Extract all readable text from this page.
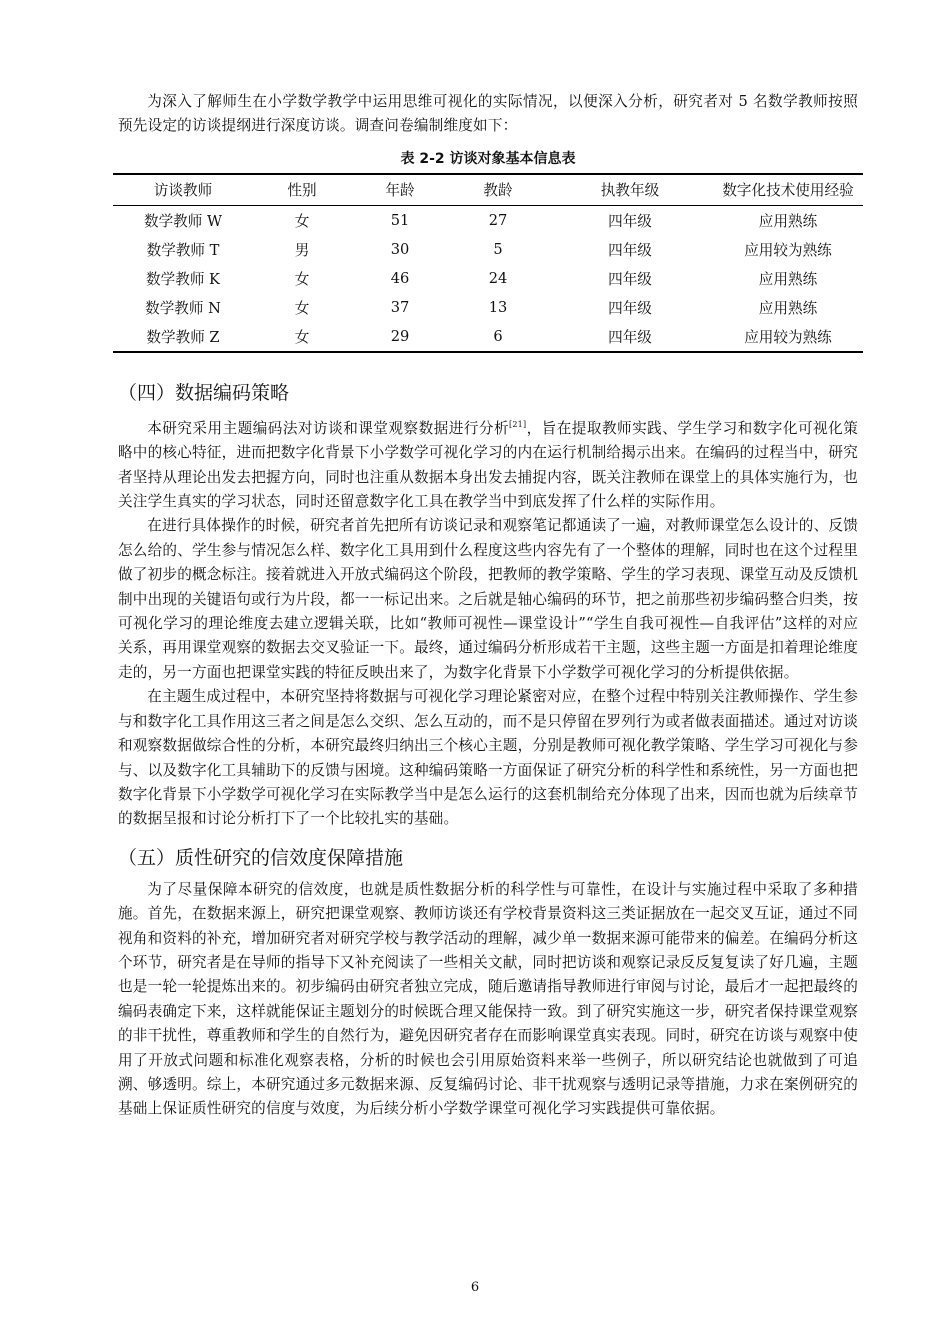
为深入了解师生在小学数学教学中运用思维可视化的实际情况，以便深入分析，研究者对 5 名数学教师按照预先设定的访谈提纲进行深度访谈。调查问卷编制维度如下：

表 2-2 访谈对象基本信息表
访谈教师	性别	年龄	教龄	执教年级	数字化技术使用经验
数学教师 W	女	51	27	四年级	应用熟练
数学教师 T	男	30	5	四年级	应用较为熟练
数学教师 K	女	46	24	四年级	应用熟练
数学教师 N	女	37	13	四年级	应用熟练
数学教师 Z	女	29	6	四年级	应用较为熟练
（四）数据编码策略

本研究采用主题编码法对访谈和课堂观察数据进行分析[21]，旨在提取教师实践、学生学习和数字化可视化策略中的核心特征，进而把数字化背景下小学数学可视化学习的内在运行机制给揭示出来。在编码的过程当中，研究者坚持从理论出发去把握方向，同时也注重从数据本身出发去捕捉内容，既关注教师在课堂上的具体实施行为，也关注学生真实的学习状态，同时还留意数字化工具在教学当中到底发挥了什么样的实际作用。

在进行具体操作的时候，研究者首先把所有访谈记录和观察笔记都通读了一遍，对教师课堂怎么设计的、反馈怎么给的、学生参与情况怎么样、数字化工具用到什么程度这些内容先有了一个整体的理解，同时也在这个过程里做了初步的概念标注。接着就进入开放式编码这个阶段，把教师的教学策略、学生的学习表现、课堂互动及反馈机制中出现的关键语句或行为片段，都一一标记出来。之后就是轴心编码的环节，把之前那些初步编码整合归类，按可视化学习的理论维度去建立逻辑关联，比如“教师可视性—课堂设计”“学生自我可视性—自我评估”这样的对应关系，再用课堂观察的数据去交叉验证一下。最终，通过编码分析形成若干主题，这些主题一方面是扣着理论维度走的，另一方面也把课堂实践的特征反映出来了，为数字化背景下小学数学可视化学习的分析提供依据。

在主题生成过程中，本研究坚持将数据与可视化学习理论紧密对应，在整个过程中特别关注教师操作、学生参与和数字化工具作用这三者之间是怎么交织、怎么互动的，而不是只停留在罗列行为或者做表面描述。通过对访谈和观察数据做综合性的分析，本研究最终归纳出三个核心主题，分别是教师可视化教学策略、学生学习可视化与参与、以及数字化工具辅助下的反馈与困境。这种编码策略一方面保证了研究分析的科学性和系统性，另一方面也把数字化背景下小学数学可视化学习在实际教学当中是怎么运行的这套机制给充分体现了出来，因而也就为后续章节的数据呈报和讨论分析打下了一个比较扎实的基础。

（五）质性研究的信效度保障措施

为了尽量保障本研究的信效度，也就是质性数据分析的科学性与可靠性，在设计与实施过程中采取了多种措施。首先，在数据来源上，研究把课堂观察、教师访谈还有学校背景资料这三类证据放在一起交叉互证，通过不同视角和资料的补充，增加研究者对研究学校与教学活动的理解，减少单一数据来源可能带来的偏差。在编码分析这个环节，研究者是在导师的指导下又补充阅读了一些相关文献，同时把访谈和观察记录反反复复读了好几遍，主题也是一轮一轮提炼出来的。初步编码由研究者独立完成，随后邀请指导教师进行审阅与讨论，最后才一起把最终的编码表确定下来，这样就能保证主题划分的时候既合理又能保持一致。到了研究实施这一步，研究者保持课堂观察的非干扰性，尊重教师和学生的自然行为，避免因研究者存在而影响课堂真实表现。同时，研究在访谈与观察中使用了开放式问题和标准化观察表格，分析的时候也会引用原始资料来举一些例子，所以研究结论也就做到了可追溯、够透明。综上，本研究通过多元数据来源、反复编码讨论、非干扰观察与透明记录等措施，力求在案例研究的基础上保证质性研究的信度与效度，为后续分析小学数学课堂可视化学习实践提供可靠依据。

6
